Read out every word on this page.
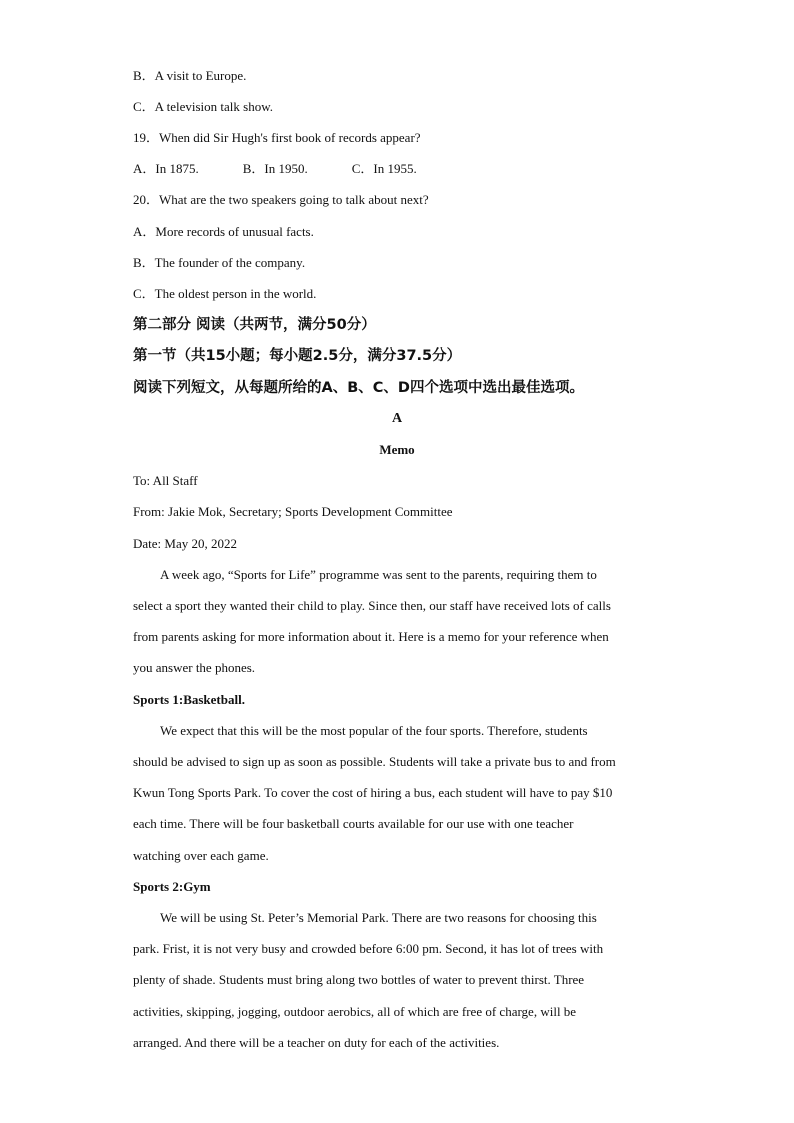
B．A visit to Europe.
C．A television talk show.
19．When did Sir Hugh's first book of records appear?
A．In 1875.	B．In 1950.	C．In 1955.
20．What are the two speakers going to talk about next?
A．More records of unusual facts.
B．The founder of the company.
C．The oldest person in the world.
第二部分 阅读（共两节，满分50分）
第一节（共15小题；每小题2.5分，满分37.5分）
阅读下列短文，从每题所给的A、B、C、D四个选项中选出最佳选项。
A
Memo
To: All Staff
From: Jakie Mok, Secretary; Sports Development Committee
Date: May 20, 2022
A week ago, “Sports for Life” programme was sent to the parents, requiring them to
select a sport they wanted their child to play. Since then, our staff have received lots of calls
from parents asking for more information about it. Here is a memo for your reference when
you answer the phones.
Sports 1:Basketball.
We expect that this will be the most popular of the four sports. Therefore, students
should be advised to sign up as soon as possible. Students will take a private bus to and from
Kwun Tong Sports Park. To cover the cost of hiring a bus, each student will have to pay $10
each time. There will be four basketball courts available for our use with one teacher
watching over each game.
Sports 2:Gym
We will be using St. Peter’s Memorial Park. There are two reasons for choosing this
park. Frist, it is not very busy and crowded before 6:00 pm. Second, it has lot of trees with
plenty of shade. Students must bring along two bottles of water to prevent thirst. Three
activities, skipping, jogging, outdoor aerobics, all of which are free of charge, will be
arranged. And there will be a teacher on duty for each of the activities.
